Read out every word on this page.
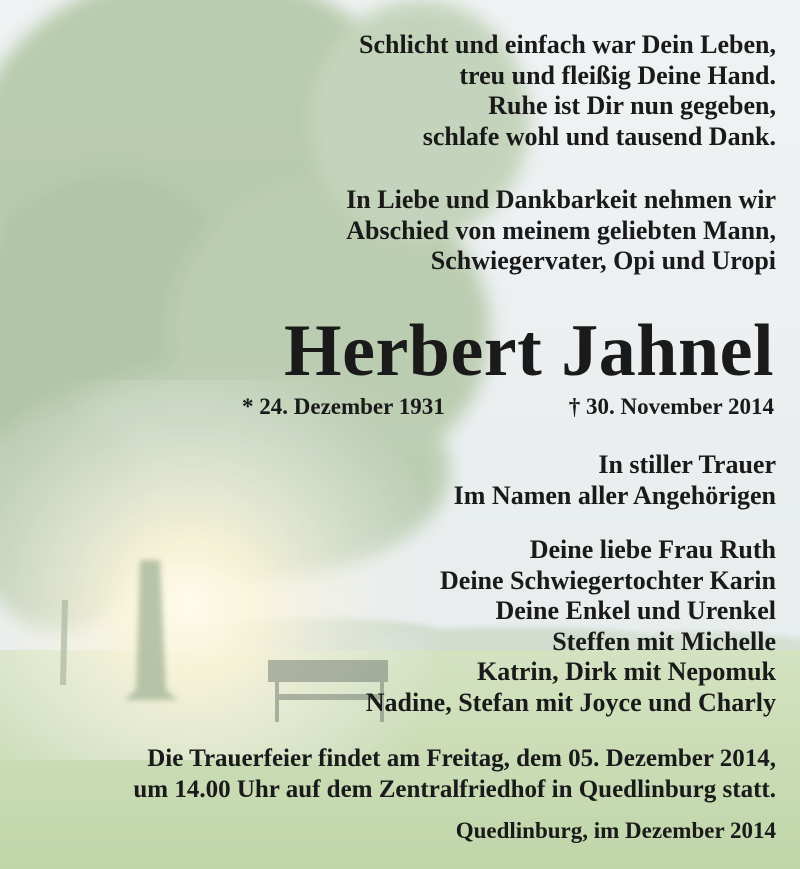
Schlicht und einfach war Dein Leben,
treu und fleißig Deine Hand.
Ruhe ist Dir nun gegeben,
schlafe wohl und tausend Dank.
In Liebe und Dankbarkeit nehmen wir
Abschied von meinem geliebten Mann,
Schwiegervater, Opi und Uropi
Herbert Jahnel
* 24. Dezember 1931	† 30. November 2014
In stiller Trauer
Im Namen aller Angehörigen
Deine liebe Frau Ruth
Deine Schwiegertochter Karin
Deine Enkel und Urenkel
Steffen mit Michelle
Katrin, Dirk mit Nepomuk
Nadine, Stefan mit Joyce und Charly
Die Trauerfeier findet am Freitag, dem 05. Dezember 2014,
um 14.00 Uhr auf dem Zentralfriedhof in Quedlinburg statt.
Quedlinburg, im Dezember 2014
